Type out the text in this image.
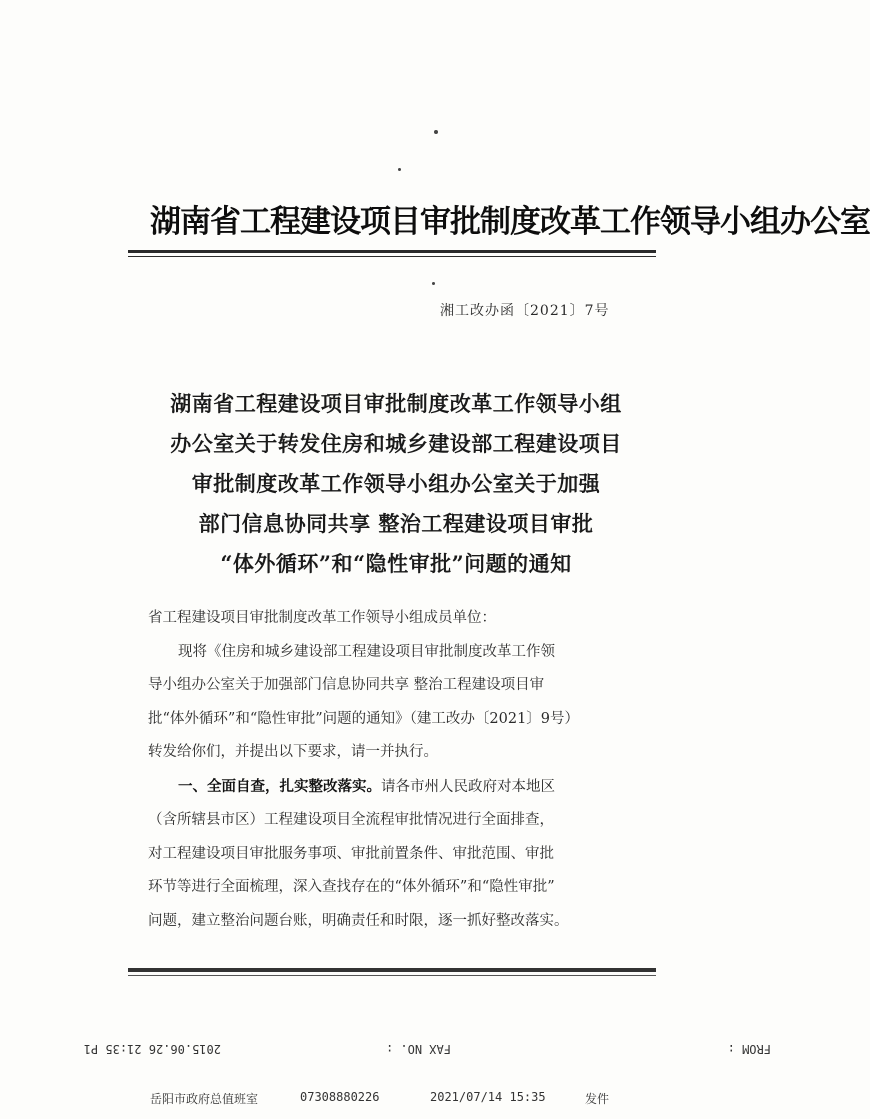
湖南省工程建设项目审批制度改革工作领导小组办公室
湘工改办函〔2021〕7号
湖南省工程建设项目审批制度改革工作领导小组
办公室关于转发住房和城乡建设部工程建设项目
审批制度改革工作领导小组办公室关于加强
部门信息协同共享 整治工程建设项目审批
“体外循环”和“隐性审批”问题的通知
省工程建设项目审批制度改革工作领导小组成员单位：
现将《住房和城乡建设部工程建设项目审批制度改革工作领
导小组办公室关于加强部门信息协同共享 整治工程建设项目审
批“体外循环”和“隐性审批”问题的通知》（建工改办〔2021〕9号）
转发给你们，并提出以下要求，请一并执行。
一、全面自查，扎实整改落实。请各市州人民政府对本地区
（含所辖县市区）工程建设项目全流程审批情况进行全面排查，
对工程建设项目审批服务事项、审批前置条件、审批范围、审批
环节等进行全面梳理，深入查找存在的“体外循环”和“隐性审批”
问题，建立整治问题台账，明确责任和时限，逐一抓好整改落实。
FROM :
FAX NO. :
2015.06.26 21:35 P1
岳阳市政府总值班室	07308880226	2021/07/14 15:35	发件
